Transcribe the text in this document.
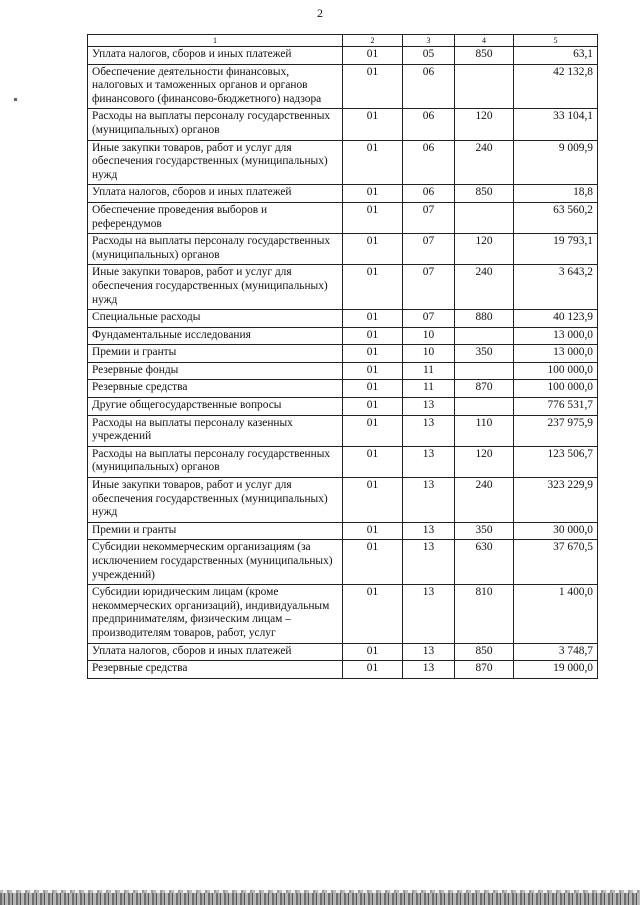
2
1	2	3	4	5
Уплата налогов, сборов и иных платежей	01	05	850	63,1
Обеспечение деятельности финансовых, налоговых и таможенных органов и органов финансового (финансово-бюджетного) надзора	01	06		42 132,8
Расходы на выплаты персоналу государственных (муниципальных) органов	01	06	120	33 104,1
Иные закупки товаров, работ и услуг для обеспечения государственных (муниципальных) нужд	01	06	240	9 009,9
Уплата налогов, сборов и иных платежей	01	06	850	18,8
Обеспечение проведения выборов и референдумов	01	07		63 560,2
Расходы на выплаты персоналу государственных (муниципальных) органов	01	07	120	19 793,1
Иные закупки товаров, работ и услуг для обеспечения государственных (муниципальных) нужд	01	07	240	3 643,2
Специальные расходы	01	07	880	40 123,9
Фундаментальные исследования	01	10		13 000,0
Премии и гранты	01	10	350	13 000,0
Резервные фонды	01	11		100 000,0
Резервные средства	01	11	870	100 000,0
Другие общегосударственные вопросы	01	13		776 531,7
Расходы на выплаты персоналу казенных учреждений	01	13	110	237 975,9
Расходы на выплаты персоналу государственных (муниципальных) органов	01	13	120	123 506,7
Иные закупки товаров, работ и услуг для обеспечения государственных (муниципальных) нужд	01	13	240	323 229,9
Премии и гранты	01	13	350	30 000,0
Субсидии некоммерческим организациям (за исключением государственных (муниципальных) учреждений)	01	13	630	37 670,5
Субсидии юридическим лицам (кроме некоммерческих организаций), индивидуальным предпринимателям, физическим лицам – производителям товаров, работ, услуг	01	13	810	1 400,0
Уплата налогов, сборов и иных платежей	01	13	850	3 748,7
Резервные средства	01	13	870	19 000,0
